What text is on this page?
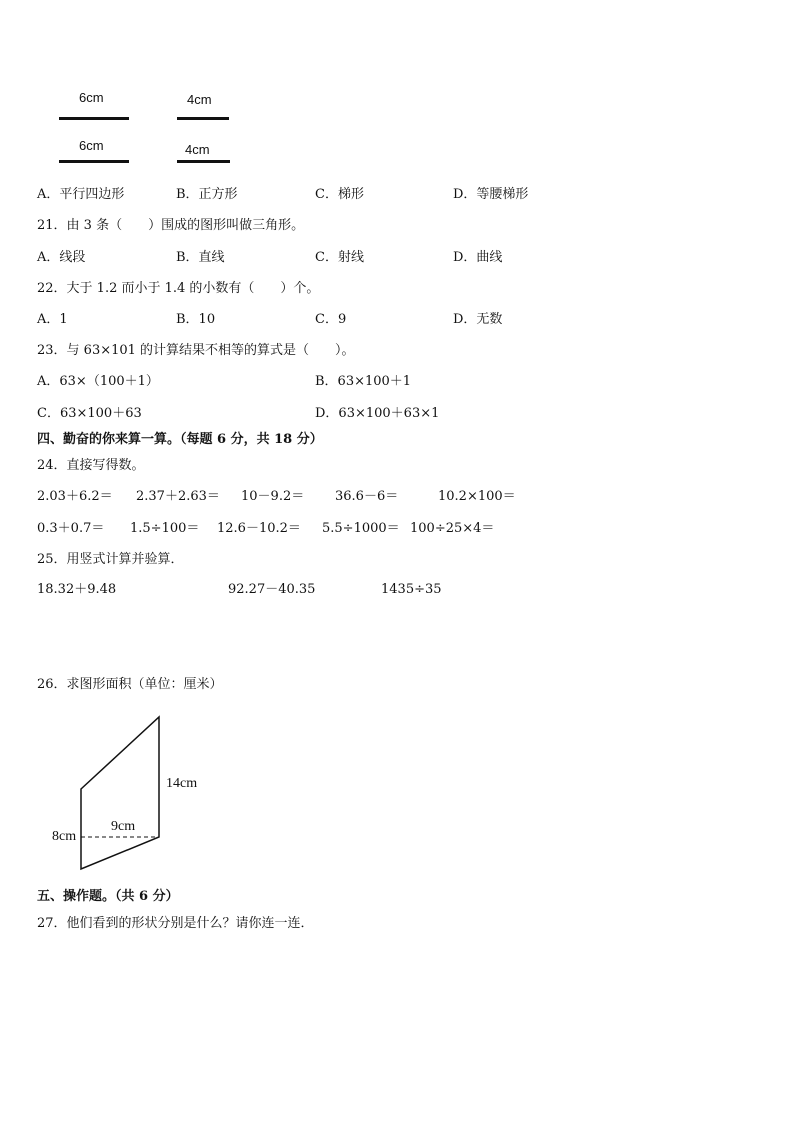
6cm
6cm
4cm
4cm
A．平行四边形	B．正方形	C．梯形	D．等腰梯形
21．由 3 条（　　）围成的图形叫做三角形。
A．线段	B．直线	C．射线	D．曲线
22．大于 1.2 而小于 1.4 的小数有（　　）个。
A．1	B．10	C．9	D．无数
23．与 63×101 的计算结果不相等的算式是（　　）。
A．63×（100＋1）	B．63×100＋1
C．63×100＋63	D．63×100＋63×1
四、勤奋的你来算一算。（每题 6 分，共 18 分）
24．直接写得数。
2.03＋6.2＝ 2.37＋2.63＝ 10－9.2＝ 36.6－6＝	10.2×100＝
0.3＋0.7＝ 1.5÷100＝ 12.6－10.2＝ 5.5÷1000＝ 100÷25×4＝
25．用竖式计算并验算．
18.32＋9.48	92.27－40.35	1435÷35
26．求图形面积（单位：厘米）
14cm
9cm
8cm
五、操作题。（共 6 分）
27．他们看到的形状分别是什么？请你连一连．
